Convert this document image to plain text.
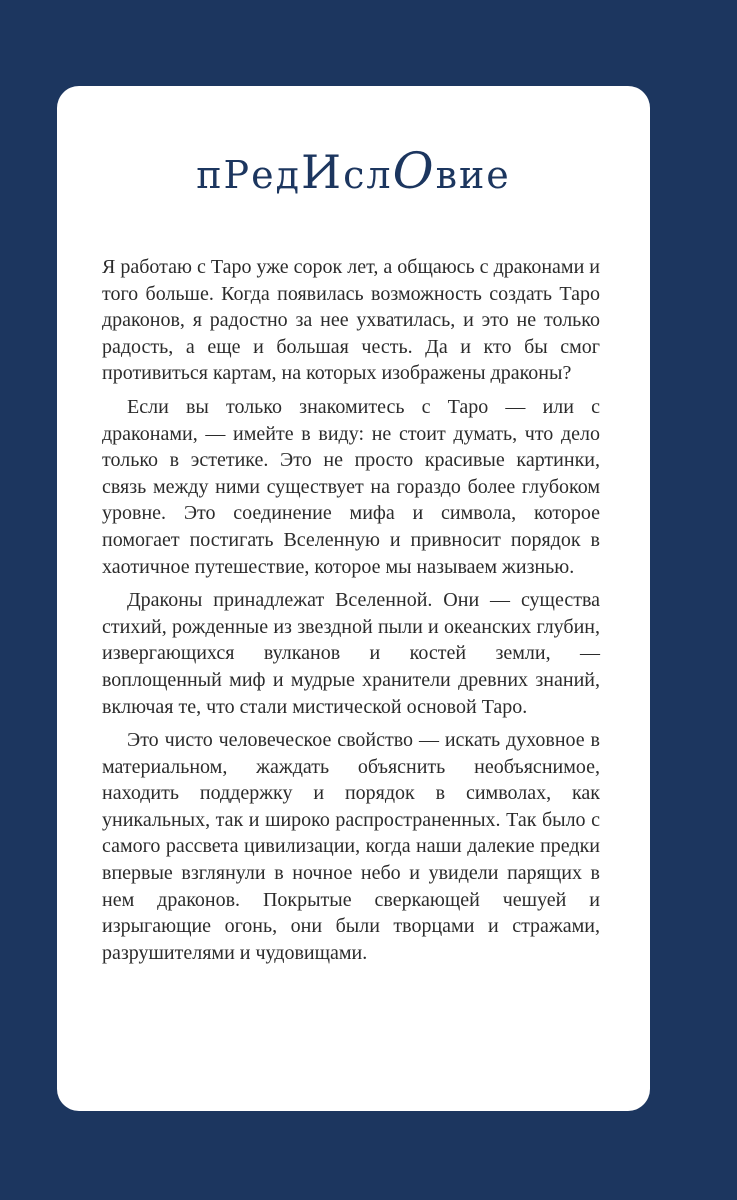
пРедИслОвие

Я работаю с Таро уже сорок лет, а общаюсь с драконами и того больше. Когда появилась возможность создать Таро драконов, я радостно за нее ухватилась, и это не только радость, а еще и большая честь. Да и кто бы смог противиться картам, на которых изображены драконы?

Если вы только знакомитесь с Таро — или с драконами, — имейте в виду: не стоит думать, что дело только в эстетике. Это не просто красивые картинки, связь между ними существует на гораздо более глубоком уровне. Это соединение мифа и символа, которое помогает постигать Вселенную и привносит порядок в хаотичное путешествие, которое мы называем жизнью.

Драконы принадлежат Вселенной. Они — существа стихий, рожденные из звездной пыли и океанских глубин, извергающихся вулканов и костей земли, — воплощенный миф и мудрые хранители древних знаний, включая те, что стали мистической основой Таро.

Это чисто человеческое свойство — искать духовное в материальном, жаждать объяснить необъяснимое, находить поддержку и порядок в символах, как уникальных, так и широко распространенных. Так было с самого рассвета цивилизации, когда наши далекие предки впервые взглянули в ночное небо и увидели парящих в нем драконов. Покрытые сверкающей чешуей и изрыгающие огонь, они были творцами и стражами, разрушителями и чудовищами.
